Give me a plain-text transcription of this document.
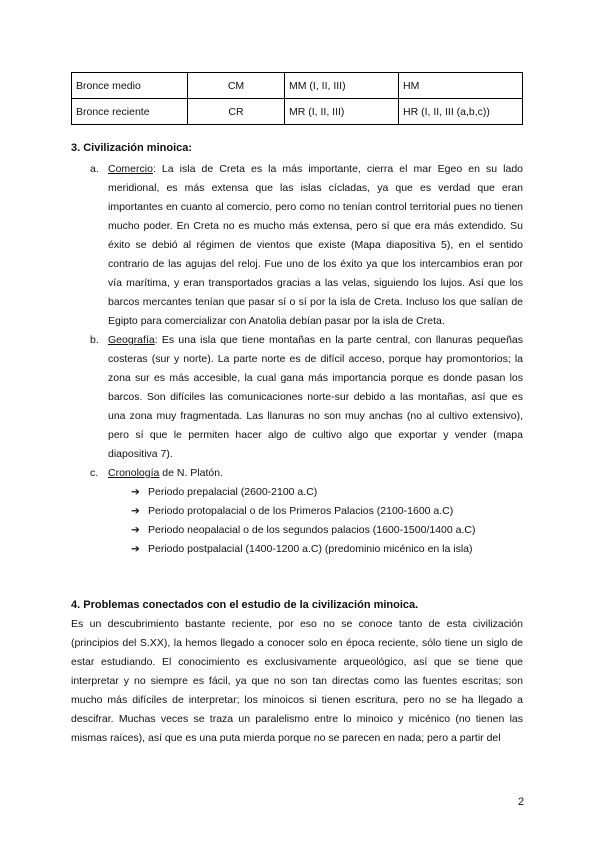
Bronce medio	CM	MM (I, II, III)	HM
Bronce reciente	CR	MR (I, II, III)	HR (I, II, III (a,b,c))
3. Civilización minoica:
a. Comercio: La isla de Creta es la más importante, cierra el mar Egeo en su lado meridional, es más extensa que las islas cícladas, ya que es verdad que eran importantes en cuanto al comercio, pero como no tenían control territorial pues no tienen mucho poder. En Creta no es mucho más extensa, pero sí que era más extendido. Su éxito se debió al régimen de vientos que existe (Mapa diapositiva 5), en el sentido contrario de las agujas del reloj. Fue uno de los éxito ya que los intercambios eran por vía marítima, y eran transportados gracias a las velas, siguiendo los lujos. Así que los barcos mercantes tenían que pasar sí o sí por la isla de Creta. Incluso los que salían de Egipto para comercializar con Anatolia debían pasar por la isla de Creta.
b. Geografía: Es una isla que tiene montañas en la parte central, con llanuras pequeñas costeras (sur y norte). La parte norte es de difícil acceso, porque hay promontorios; la zona sur es más accesible, la cual gana más importancia porque es donde pasan los barcos. Son difíciles las comunicaciones norte-sur debido a las montañas, así que es una zona muy fragmentada. Las llanuras no son muy anchas (no al cultivo extensivo), pero sí que le permiten hacer algo de cultivo algo que exportar y vender (mapa diapositiva 7).
c. Cronología de N. Platón.
➔ Periodo prepalacial (2600-2100 a.C)
➔ Periodo protopalacial o de los Primeros Palacios (2100-1600 a.C)
➔ Periodo neopalacial o de los segundos palacios (1600-1500/1400 a.C)
➔ Periodo postpalacial (1400-1200 a.C) (predominio micénico en la isla)
4. Problemas conectados con el estudio de la civilización minoica.
Es un descubrimiento bastante reciente, por eso no se conoce tanto de esta civilización (principios del S.XX), la hemos llegado a conocer solo en época reciente, sólo tiene un siglo de estar estudiando. El conocimiento es exclusivamente arqueológico, así que se tiene que interpretar y no siempre es fácil, ya que no son tan directas como las fuentes escritas; son mucho más difíciles de interpretar; los minoicos si tienen escritura, pero no se ha llegado a descifrar. Muchas veces se traza un paralelismo entre lo minoico y micénico (no tienen las mismas raíces), así que es una puta mierda porque no se parecen en nada; pero a partir del
2
